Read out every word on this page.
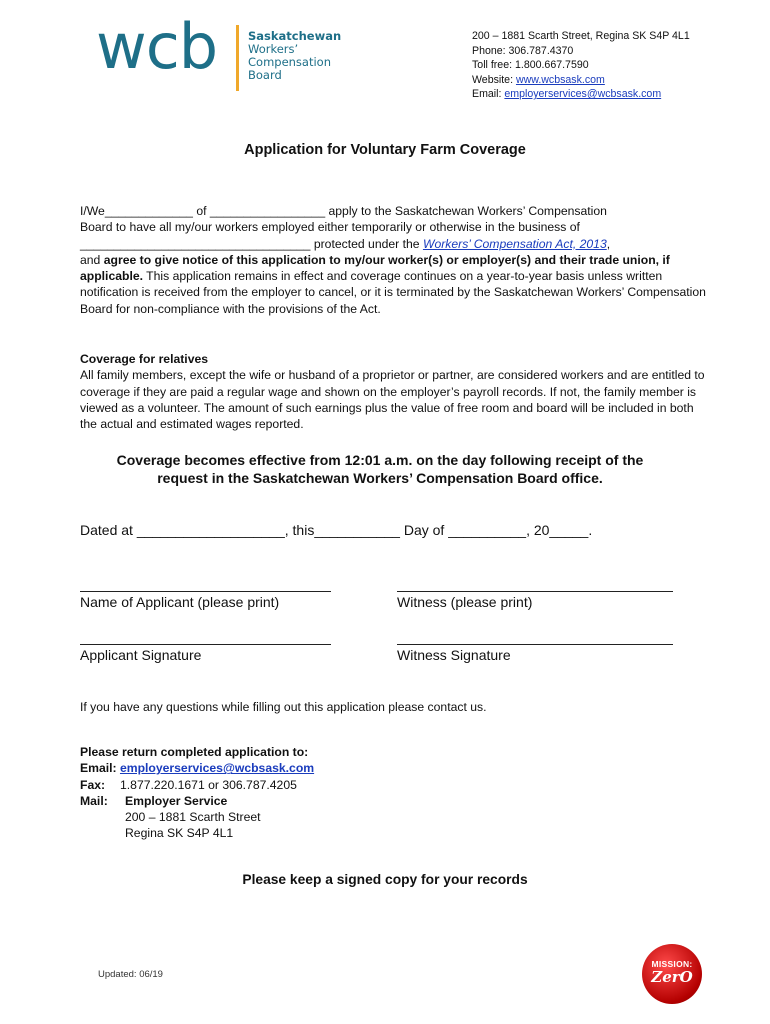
wcb	Saskatchewan
Workers’
Compensation
Board
200 – 1881 Scarth Street, Regina SK S4P 4L1
Phone: 306.787.4370
Toll free: 1.800.667.7590
Website: www.wcbsask.com
Email: employerservices@wcbsask.com
Application for Voluntary Farm Coverage
I/We_____________ of _________________ apply to the Saskatchewan Workers’ Compensation
Board to have all my/our workers employed either temporarily or otherwise in the business of
__________________________________ protected under the Workers’ Compensation Act, 2013,
and agree to give notice of this application to my/our worker(s) or employer(s) and their trade union, if applicable. This application remains in effect and coverage continues on a year-to-year basis unless written notification is received from the employer to cancel, or it is terminated by the Saskatchewan Workers’ Compensation Board for non-compliance with the provisions of the Act.
Coverage for relatives
All family members, except the wife or husband of a proprietor or partner, are considered workers and are entitled to coverage if they are paid a regular wage and shown on the employer’s payroll records. If not, the family member is viewed as a volunteer. The amount of such earnings plus the value of free room and board will be included in both the actual and estimated wages reported.
Coverage becomes effective from 12:01 a.m. on the day following receipt of the
request in the Saskatchewan Workers’ Compensation Board office.
Dated at ___________________, this___________ Day of __________, 20_____.
Name of Applicant (please print)	Witness (please print)
Applicant Signature	Witness Signature
If you have any questions while filling out this application please contact us.
Please return completed application to:
Email: employerservices@wcbsask.com
Fax: 1.877.220.1671 or 306.787.4205
Mail: Employer Service
200 – 1881 Scarth Street
Regina SK S4P 4L1
Please keep a signed copy for your records
Updated: 06/19
MISSION:
ZerO
